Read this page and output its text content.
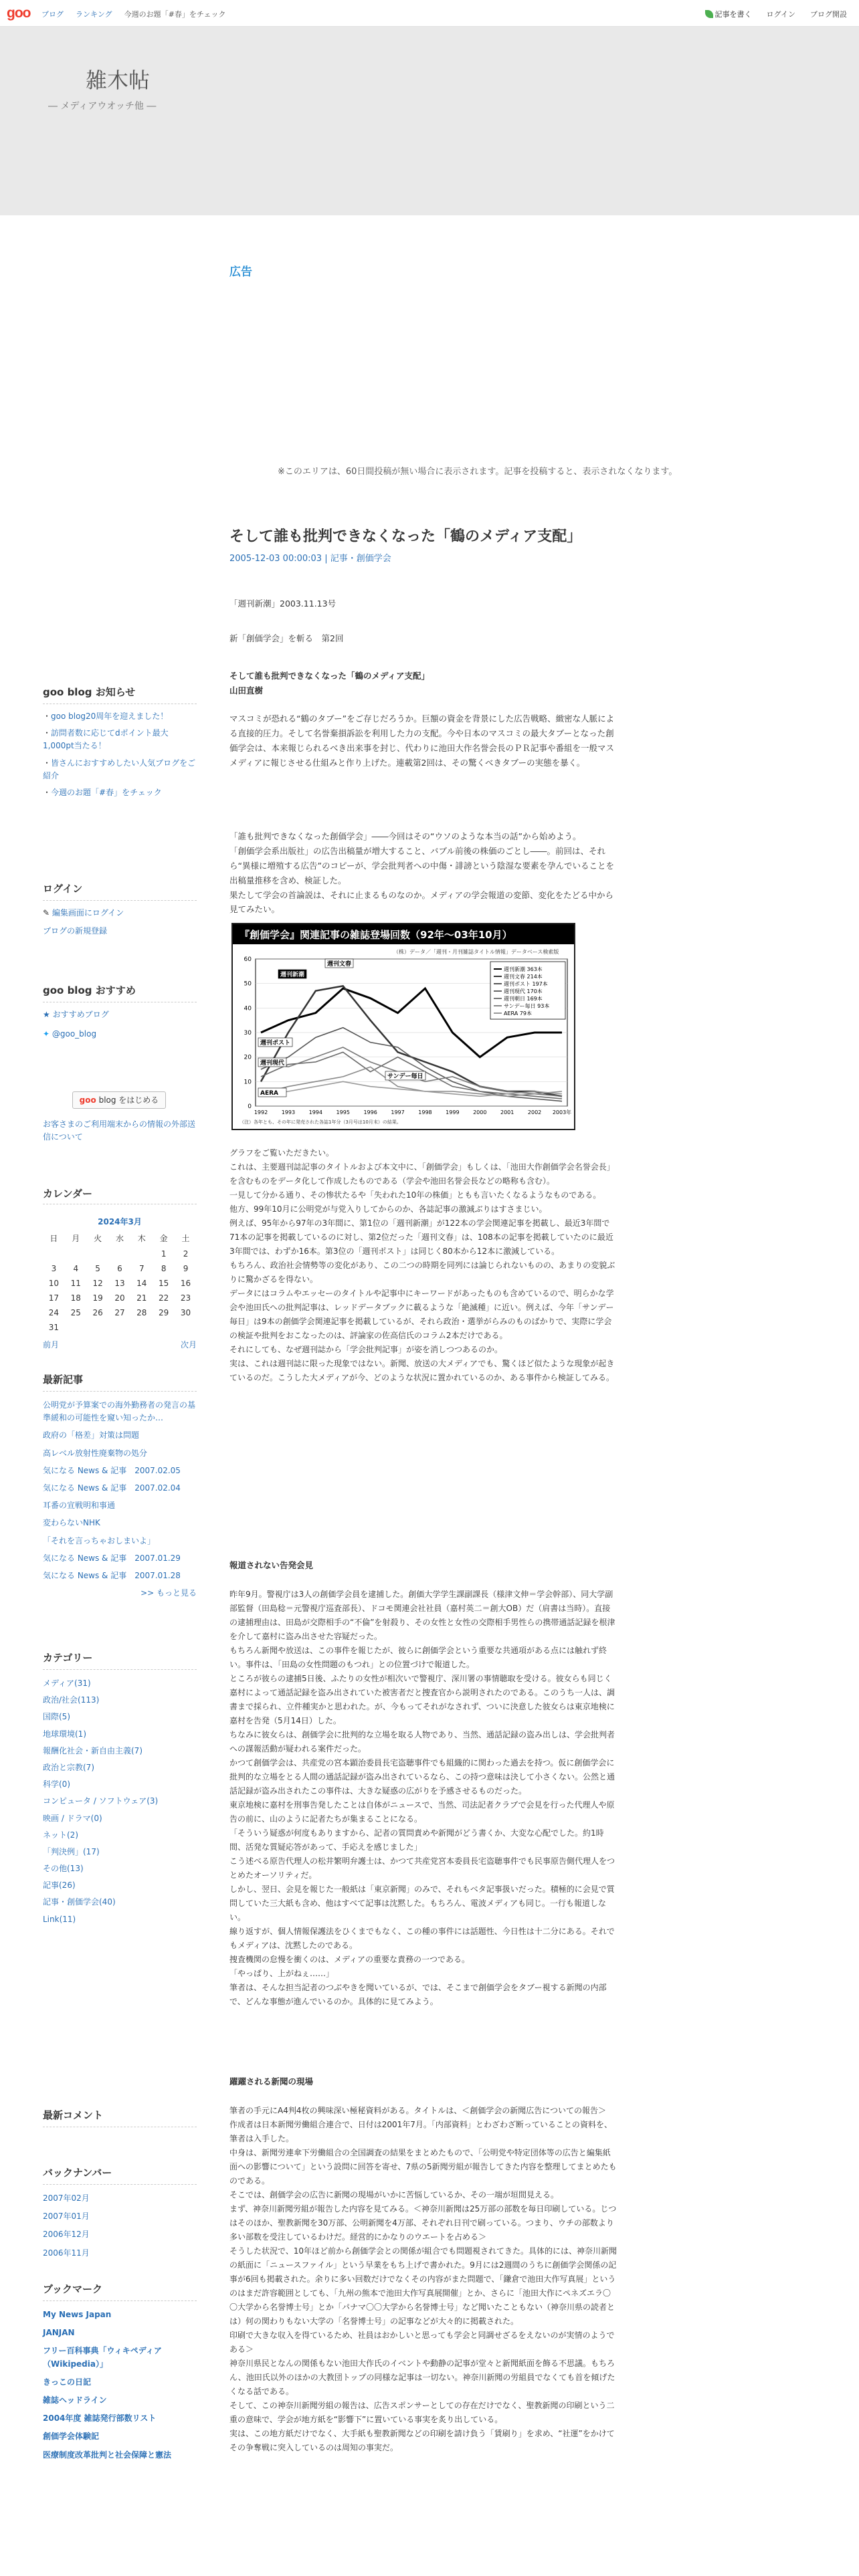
goo ブログ ランキング 今週のお題「#春」をチェック	記事を書く	ログイン	ブログ開設
雑木帖
― メディアウオッチ他 ―
広告
※このエリアは、60日間投稿が無い場合に表示されます。記事を投稿すると、表示されなくなります。
そして誰も批判できなくなった「鶴のメディア支配」
2005-12-03 00:00:03 | 記事・創価学会
「週刊新潮」2003.11.13号
新「創価学会」を斬る　第2回
そして誰も批判できなくなった「鶴のメディア支配」
山田直樹
マスコミが恐れる“鶴のタブー”をご存じだろうか。巨額の資金を背景にした広告戦略、緻密な人脈による直接的圧力。そして名誉棄損訴訟を利用した力の支配。今や日本のマスコミの最大タブーとなった創価学会は、本来報じられるべき出来事を封じ、代わりに池田大作名誉会長のＰＲ記事や番組を一般マスメディアに報じさせる仕組みと作り上げた。連載第2回は、その驚くべきタブーの実態を暴く。
「誰も批判できなくなった創価学会」――今回はその“ウソのような本当の話”から始めよう。
「創価学会系出版社」の広告出稿量が増大すること、バブル前後の株価のごとし――。前回は、それら“異様に増殖する広告”のコピーが、学会批判者への中傷・誹謗という陰湿な要素を孕んでいることを出稿量推移を含め、検証した。
果たして学会の首論説は、それに止まるものなのか。メディアの学会報道の変節、変化をたどる中から見てみたい。
『創価学会』関連記事の雑誌登場回数（92年〜03年10月）
（株）データ／「週刊・月刊雑誌タイトル情報」データベース検索版
0
10
20
30
40
50
60
1992	1993	1994	1995	1996	1997	1998	1999	2000	2001	2002 2003年
週刊新潮 363本
週刊文春 214本
週刊ポスト 197本
週刊現代 170本
週刊朝日 169本
サンデー毎日 93本
AERA 79本
週刊新潮
週刊文春
週刊ポスト
週刊現代
AERA
サンデー毎日
（注）各年とも、その年に発売された各誌1年分（3月号は10月末）の結果。
グラフをご覧いただきたい。
これは、主要週刊誌記事のタイトルおよび本文中に、「創価学会」もしくは、「池田大作創価学会名誉会長」を含むものをデータ化して作成したものである（学会や池田名誉会長などの略称も含む）。
一見して分かる通り、その惨状たるや「失われた10年の株価」ともも言いたくなるようなものである。
他方、99年10月に公明党が与党入りしてからのか、各誌記事の激減ぶりはすさまじい。
例えば、95年から97年の3年間に、第1位の「週刊新潮」が122本の学会関連記事を掲載し、最近3年間で71本の記事を掲載しているのに対し、第2位だった「週刊文春」は、108本の記事を掲載していたのに最近3年間では、わずか16本。第3位の「週刊ポスト」は同じく80本から12本に激減している。
もちろん、政治社会情勢等の変化があり、この二つの時期を同列には論じられないものの、あまりの変貌ぶりに驚かざるを得ない。
データにはコラムやエッセーのタイトルや記事中にキーワードがあったものも含めているので、明らかな学会や池田氏への批判記事は、レッドデータブックに載るような「絶滅種」に近い。例えば、今年「サンデー毎日」は9本の創価学会関連記事を掲載しているが、それら政治・選挙がらみのものばかりで、実際に学会の検証や批判をおこなったのは、評論家の佐高信氏のコラム2本だけである。
それにしても、なぜ週刊誌から「学会批判記事」が姿を消しつつあるのか。
実は、これは週刊誌に限った現象ではない。新聞、放送の大メディアでも、驚くほど似たような現象が起きているのだ。こうした大メディアが今、どのような状況に置かれているのか、ある事件から検証してみる。
報道されない告発会見
昨年9月。警視庁は3人の創価学会員を逮捕した。創価大学学生課副課長（様津文伸＝学会幹部）、同大学副部監督（田島稔＝元警視庁巡査部長）、ドコモ関連会社社員（嘉村英二＝創大OB）だ（肩書は当時）。直接の逮捕理由は、田島が交際相手の“不倫”を射殺り、その女性と女性の交際相手男性らの携帯通話記録を根津を介して嘉村に盗み出させた容疑だった。
もちろん新聞や放送は、この事件を報じたが、彼らに創価学会という重要な共通項がある点には触れず終い。事件は、「田島の女性問題のもつれ」との位置づけで報道した。
ところが彼らの逮捕5日後、ふたりの女性が相次いで警視庁、深川署の事情聴取を受ける。彼女らも同じく嘉村によって通話記録を盗み出されていた被害者だと捜査官から説明されたのである。このうち一人は、調書まで採られ、立件種実かと思われた。が、今もってそれがなされず、ついに決意した彼女らは東京地検に嘉村を告発（5月14日）した。
ちなみに彼女らは、創価学会に批判的な立場を取る人物であり、当然、通話記録の盗み出しは、学会批判者への謀報活動が疑われる案件だった。
かつて創価学会は、共産党の宮本顕治委員長宅盗聴事件でも組織的に関わった過去を持つ。仮に創価学会に批判的な立場をとる人間の通話記録が盗み出されているなら、この持つ意味は決して小さくない。公然と通話記録が盗み出されたこの事件は、大きな疑惑の広がりを予感させるものだった。
東京地検に嘉村を刑事告発したことは自体がニュースで、当然、司法記者クラブで会見を行った代理人や原告の前に、山のように記者たちが集まることになる。
「そういう疑惑が何度もありますから、記者の質問責めや新聞がどう書くか、大変な心配でした。約1時間、活発な質疑応答があって、手応えを感じました」
こう述べる原告代理人の松井繁明弁護士は、かつて共産党宮本委員長宅盗聴事件でも民事原告側代理人をつとめたオーソリティだ。
しかし、翌日、会見を報じた一般紙は「東京新聞」のみで、それもベタ記事扱いだった。積極的に会見で質問していた三大紙も含め、他はすべて記事は沈黙した。もちろん、電波メディアも同じ。一行も報道しない。
線り返すが、個人情報保護法をひくまでもなく、この種の事件には話題性、今日性は十二分にある。それでもメディアは、沈黙したのである。
捜査機関の怠慢を衝くのは、メディアの重要な責務の一つである。
「やっぱり、上がねぇ……」
筆者は、そんな担当記者のつぶやきを聞いているが、では、そこまで創価学会をタブー視する新聞の内部で、どんな事態が進んでいるのか。具体的に見てみよう。
躍躍される新聞の現場
筆者の手元にA4判4枚の興味深い極秘資料がある。タイトルは、＜創価学会の新聞広告についての報告＞
作成者は日本新聞労働組合連合で、日付は2001年7月。「内部資料」とわざわざ断っていることの資料を、筆者は入手した。
中身は、新聞労連傘下労働組合の全国調査の結果をまとめたもので、「公明党や特定団体等の広告と編集紙面への影響について」という設問に回答を寄せ、7県の5新聞労組が報告してきた内容を整理してまとめたものである。
そこでは、創価学会の広告に新聞の現場がいかに苦悩しているか、その一端が垣間見える。
まず、神奈川新聞労組が報告した内容を見てみる。＜神奈川新聞は25万部の部数を毎日印刷している。じつはそのほか、聖教新聞を30万部、公明新聞を4万部、それぞれ日刊で刷っている。つまり、ウチの部数より多い部数を受注しているわけだ。経営的にかなりのウエートを占める＞
そうした状況で、10年ほど前から創価学会との関係が組合でも問題視されてきた。具体的には、神奈川新聞の紙面に「ニュースファイル」という早業をもち上げで書かれた。9月には2週間のうちに創価学会関係の記事が6回も掲載された。余りに多い回数だけでなくその内容がまた問題で、「鎌倉で池田大作写真展」というのはまだ許容範囲としても、「九州の熊本で池田大作写真展開催」とか、さらに「池田大作にペネズエラ〇〇大学から名誉博士号」とか「パナマ〇〇大学から名誉博士号」など聞いたこともない（神奈川県の読者とは）何の関わりもない大学の「名誉博士号」の記事などが大々的に掲載された。
印刷で大きな収入を得ているため、社員はおかしいと思っても学会と同調せざるをえないのが実情のようである＞
神奈川県民となんの関係もない池田大作氏のイベントや動静の記事が堂々と新聞紙面を飾る不思議。もちろん、池田氏以外のほかの大教団トップの同様な記事は一切ない。神奈川新聞の労組員でなくても首を傾げたくなる話である。
そして、この神奈川新聞労組の報告は、広告スポンサーとしての存在だけでなく、聖教新聞の印刷という二重の意味で、学会が地方紙を“影響下”に置いている事実を炙り出している。
実は、この地方紙だけでなく、大手紙も聖教新聞などの印刷を請け負う「賃刷り」を求め、“社運”をかけてその争奪戦に突入しているのは周知の事実だ。
goo blog お知らせ
・goo blog20周年を迎えました！
・訪問者数に応じてdポイント最大1,000pt当たる！
・皆さんにおすすめしたい人気ブログをご紹介
・今週のお題「#春」をチェック
ログイン
✎ 編集画面にログイン
ブログの新規登録
goo blog おすすめ
★ おすすめブログ
✦ @goo_blog
goo blog をはじめる
お客さまのご利用端末からの情報の外部送信について
カレンダー
2024年3月
日	月	火	水	木	金	土
					1	2
3	4	5	6	7	8	9
10	11	12	13	14	15	16
17	18	19	20	21	22	23
24	25	26	27	28	29	30
31						
前月	次月
最新記事
公明党が予算案での海外勤務者の発言の基準緩和の可能性を窺い知ったか…
政府の「格差」対策は問題
高レベル放射性廃棄物の処分
気になる News & 記事　2007.02.05
気になる News & 記事　2007.02.04
耳番の宣戦明和事通
変わらないNHK
「それを言っちゃおしまいよ」
気になる News & 記事　2007.01.29
気になる News & 記事　2007.01.28
>> もっと見る
カテゴリー
メディア(31)
政治/社会(113)
国際(5)
地球環境(1)
報酬化社会・新自由主義(7)
政治と宗教(7)
科学(0)
コンピュータ / ソフトウェア(3)
映画 / ドラマ(0)
ネット(2)
「判決例」(17)
その他(13)
記事(26)
記事・創価学会(40)
Link(11)
最新コメント
バックナンバー
2007年02月
2007年01月
2006年12月
2006年11月
ブックマーク
My News Japan
JANJAN
フリー百科事典「ウィキペディア（Wikipedia）」
きっこの日記
雑誌ヘッドライン
2004年度 雑誌発行部数リスト
創価学会体験記
医療制度改革批判と社会保障と憲法
